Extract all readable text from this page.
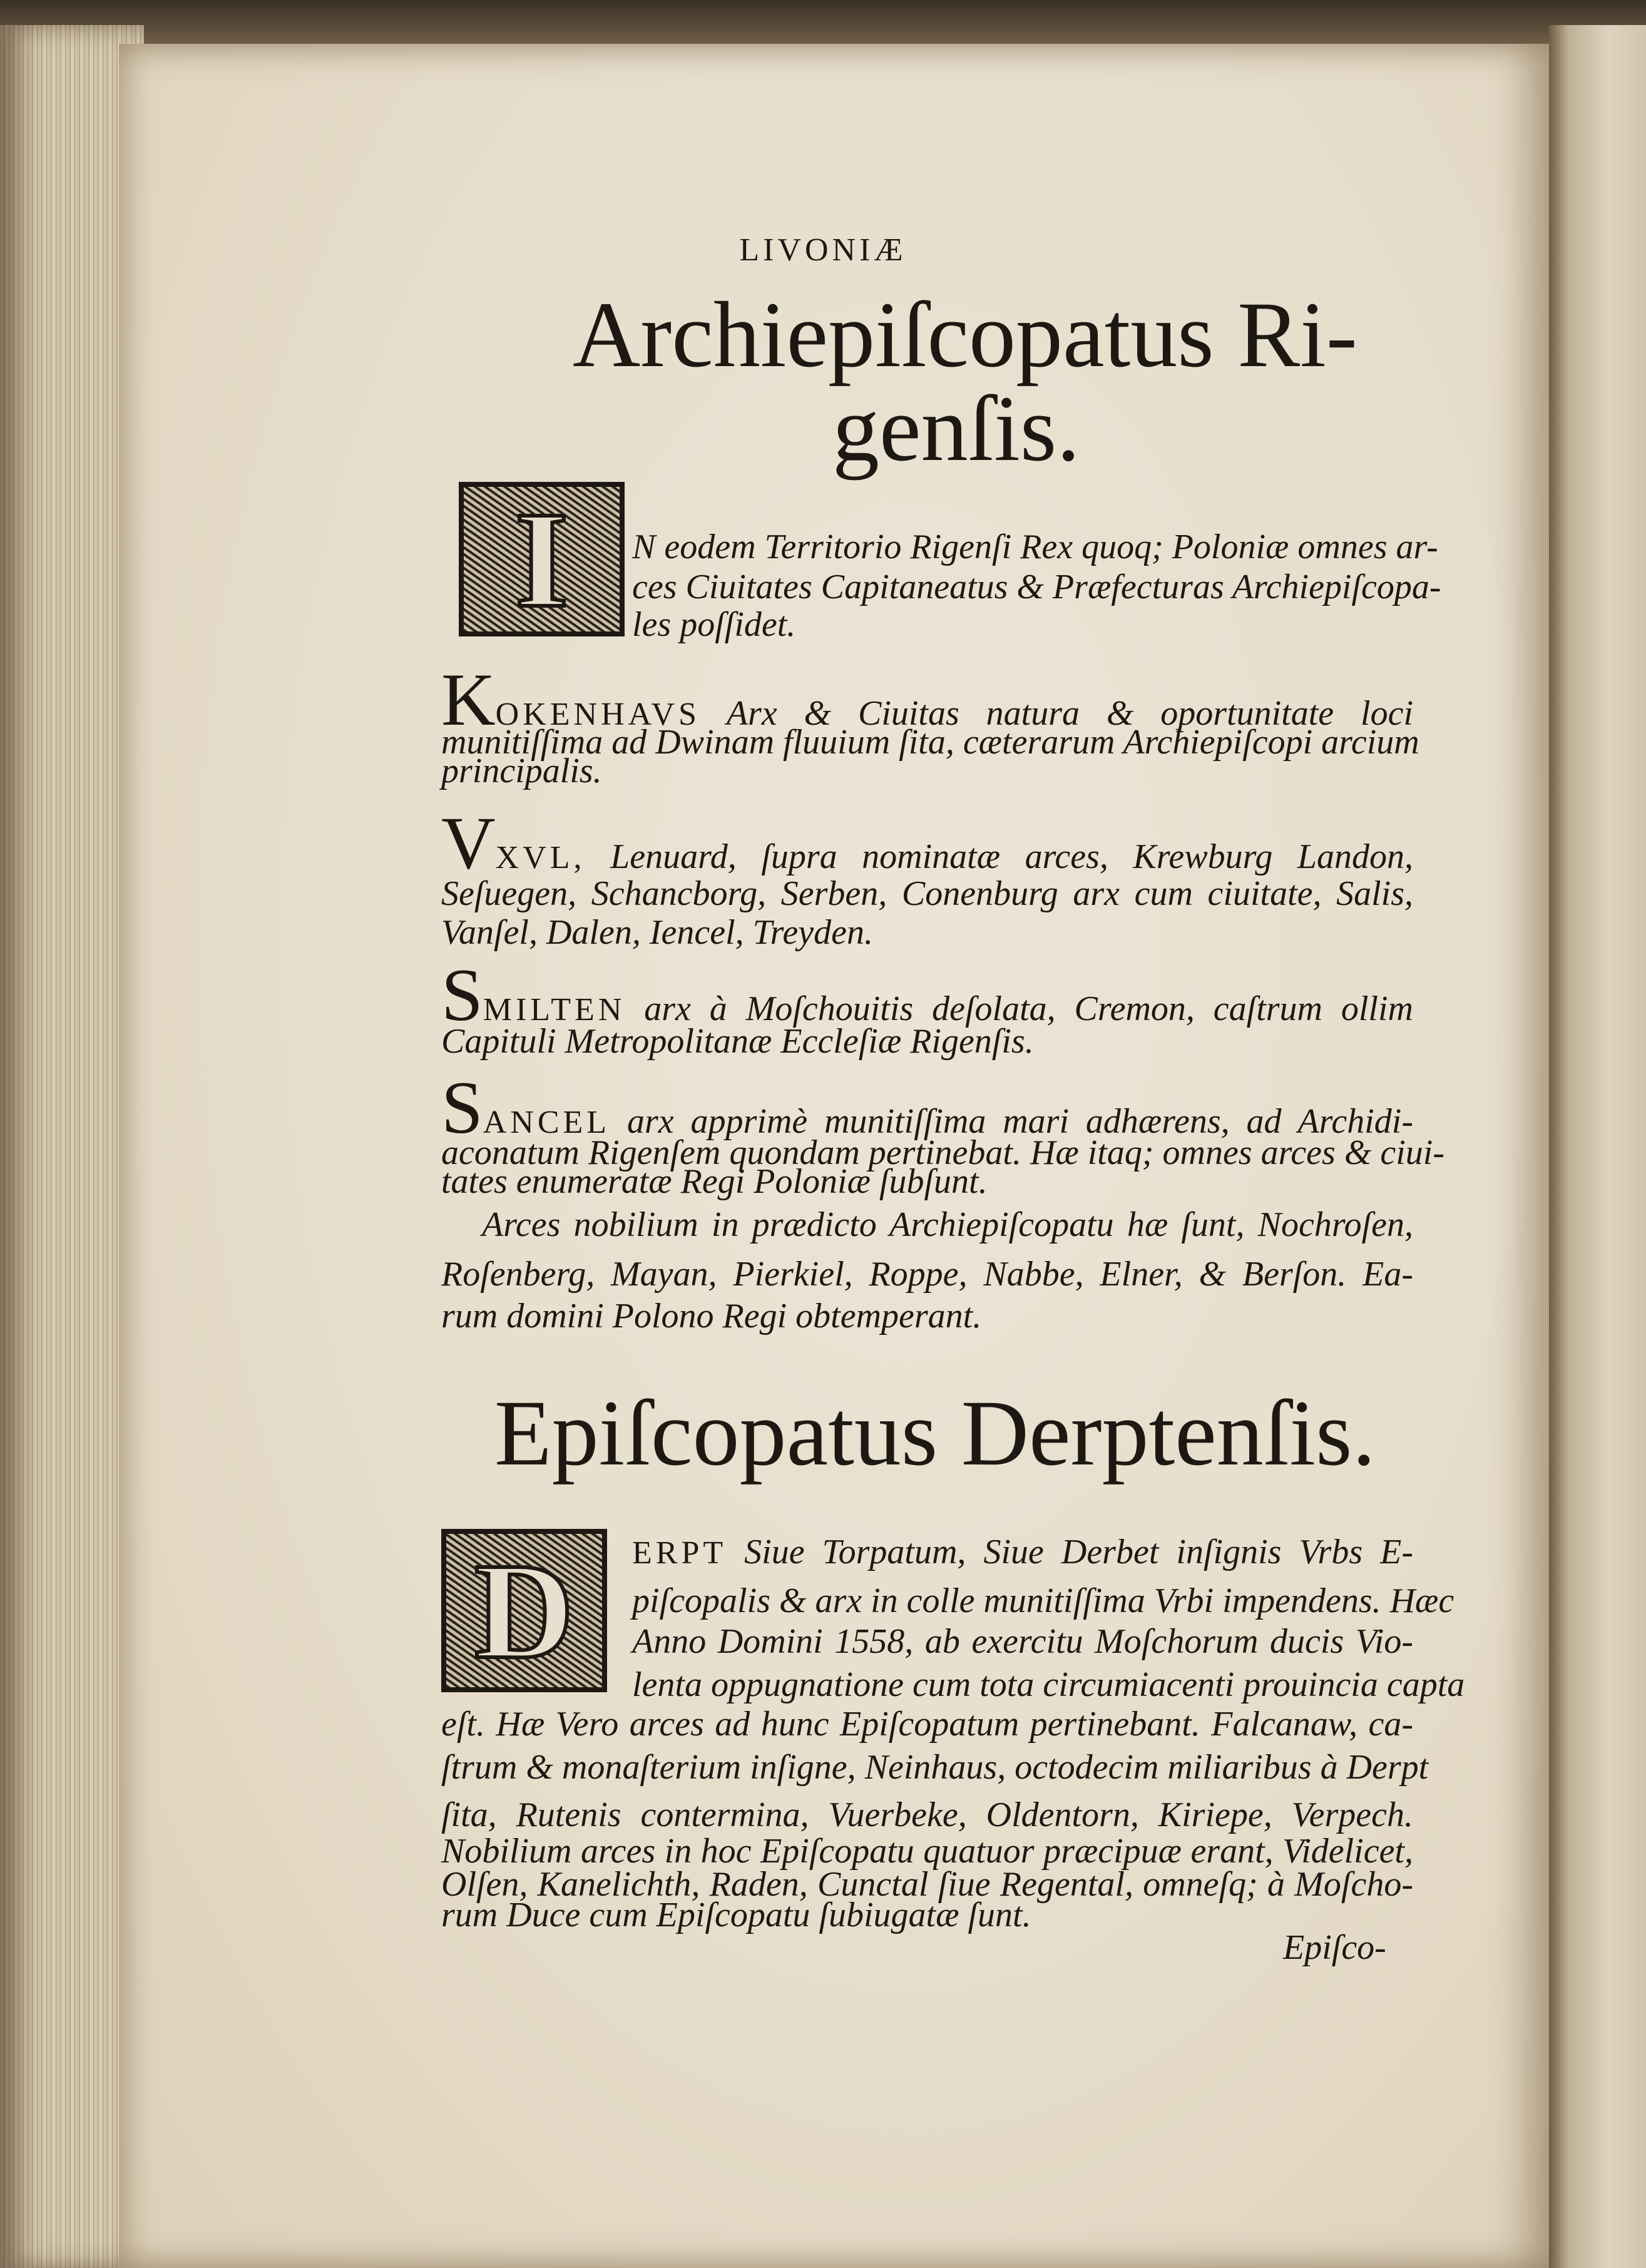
LIVONIÆ
Archiepiſcopatus Ri-
genſis.
I N eodem Territorio Rigenſi Rex quoq; Poloniæ omnes ar-
ces Ciuitates Capitaneatus & Præfecturas Archiepiſcopa-
les poſſidet.
KOKENHAVS Arx & Ciuitas natura & oportunitate loci
munitiſſima ad Dwinam fluuium ſita, cæterarum Archiepiſcopi arcium
principalis.
VXVL, Lenuard, ſupra nominatæ arces, Krewburg Landon,
Seſuegen, Schancborg, Serben, Conenburg arx cum ciuitate, Salis,
Vanſel, Dalen, Iencel, Treyden.
SMILTEN arx à Moſchouitis deſolata, Cremon, caſtrum ollim
Capituli Metropolitanæ Eccleſiæ Rigenſis.
SANCEL arx apprimè munitiſſima mari adhærens, ad Archidi-
aconatum Rigenſem quondam pertinebat. Hæ itaq; omnes arces & ciui-
tates enumeratæ Regi Poloniæ ſubſunt.
Arces nobilium in prædicto Archiepiſcopatu hæ ſunt, Nochroſen,
Roſenberg, Mayan, Pierkiel, Roppe, Nabbe, Elner, & Berſon. Ea-
rum domini Polono Regi obtemperant.
Epiſcopatus Derptenſis.
D ERPT Siue Torpatum, Siue Derbet inſignis Vrbs E-
piſcopalis & arx in colle munitiſſima Vrbi impendens. Hæc
Anno Domini 1558, ab exercitu Moſchorum ducis Vio-
lenta oppugnatione cum tota circumiacenti prouincia capta
eſt. Hæ Vero arces ad hunc Epiſcopatum pertinebant. Falcanaw, ca-
ſtrum & monaſterium inſigne, Neinhaus, octodecim miliaribus à Derpt
ſita, Rutenis contermina, Vuerbeke, Oldentorn, Kiriepe, Verpech.
Nobilium arces in hoc Epiſcopatu quatuor præcipuæ erant, Videlicet,
Olſen, Kanelichth, Raden, Cunctal ſiue Regental, omneſq; à Moſcho-
rum Duce cum Epiſcopatu ſubiugatæ ſunt.
Epiſco-
